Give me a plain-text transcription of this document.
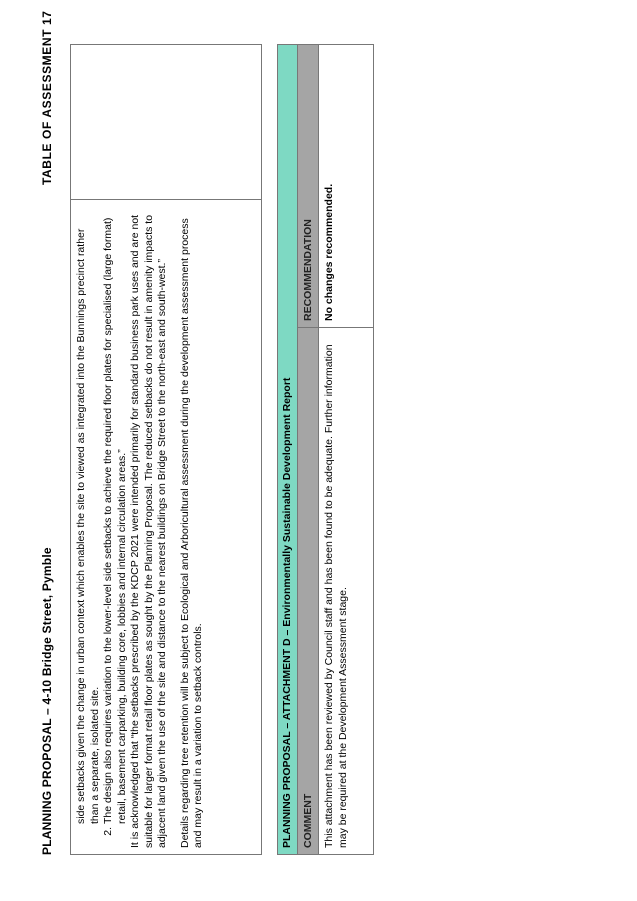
PLANNING PROPOSAL – 4-10 Bridge Street, Pymble
TABLE OF ASSESSMENT 17
side setbacks given the change in urban context which enables the site to viewed as integrated into the Bunnings precinct rather than a separate, isolated site.
2. The design also requires variation to the lower-level side setbacks to achieve the required floor plates for specialised (large format) retail, basement carparking, building core, lobbies and internal circulation areas.” It is acknowledged that “the setbacks prescribed by the KDCP 2021 were intended primarily for standard business park uses and are not suitable for larger format retail floor plates as sought by the Planning Proposal. The reduced setbacks do not result in amenity impacts to adjacent land given the use of the site and distance to the nearest buildings on Bridge Street to the north-east and south-west.” Details regarding tree retention will be subject to Ecological and Arboricultural assessment during the development assessment process and may result in a variation to setback controls.	PLANNING PROPOSAL – ATTACHMENT D – Environmentally Sustainable Development Report COMMENT
RECOMMENDATION
This attachment has been reviewed by Council staff and has been found to be adequate. Further information may be required at the Development Assessment stage.
No changes recommended.
